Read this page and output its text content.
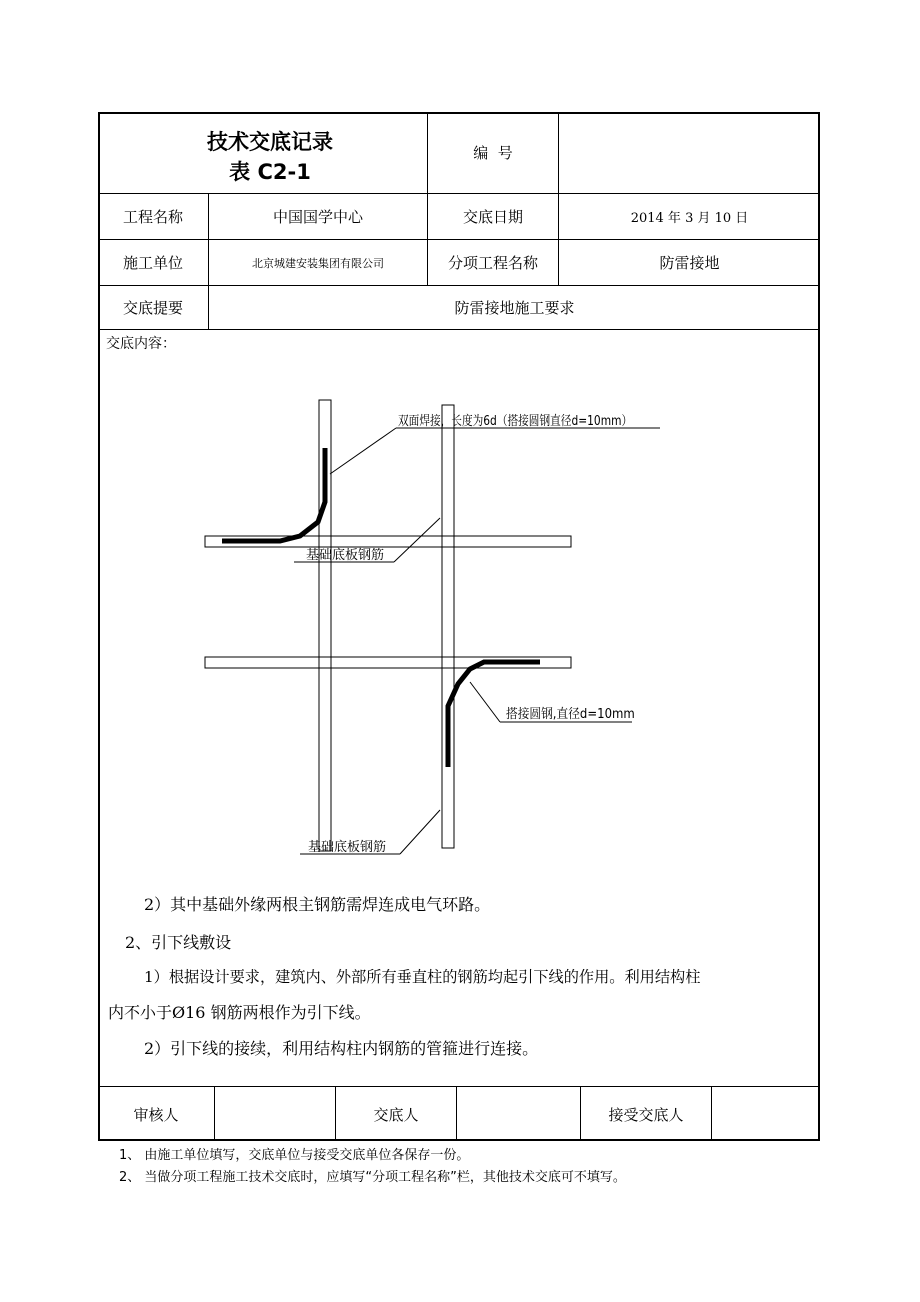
技术交底记录
表 C2-1
编  号
工程名称	中国国学中心	交底日期	2014 年 3 月 10 日
施工单位	北京城建安装集团有限公司	分项工程名称	防雷接地
交底提要	防雷接地施工要求
交底内容：
双面焊接，长度为6d（搭接圆钢直径d=10mm）
基础底板钢筋
搭接圆钢,直径d=10mm
基础底板钢筋
2）其中基础外缘两根主钢筋需焊连成电气环路。
2、引下线敷设
1）根据设计要求，建筑内、外部所有垂直柱的钢筋均起引下线的作用。利用结构柱
内不小于Ø16 钢筋两根作为引下线。
2）引下线的接续，利用结构柱内钢筋的管箍进行连接。
审核人	交底人	接受交底人
1、 由施工单位填写，交底单位与接受交底单位各保存一份。
2、 当做分项工程施工技术交底时，应填写“分项工程名称”栏，其他技术交底可不填写。
